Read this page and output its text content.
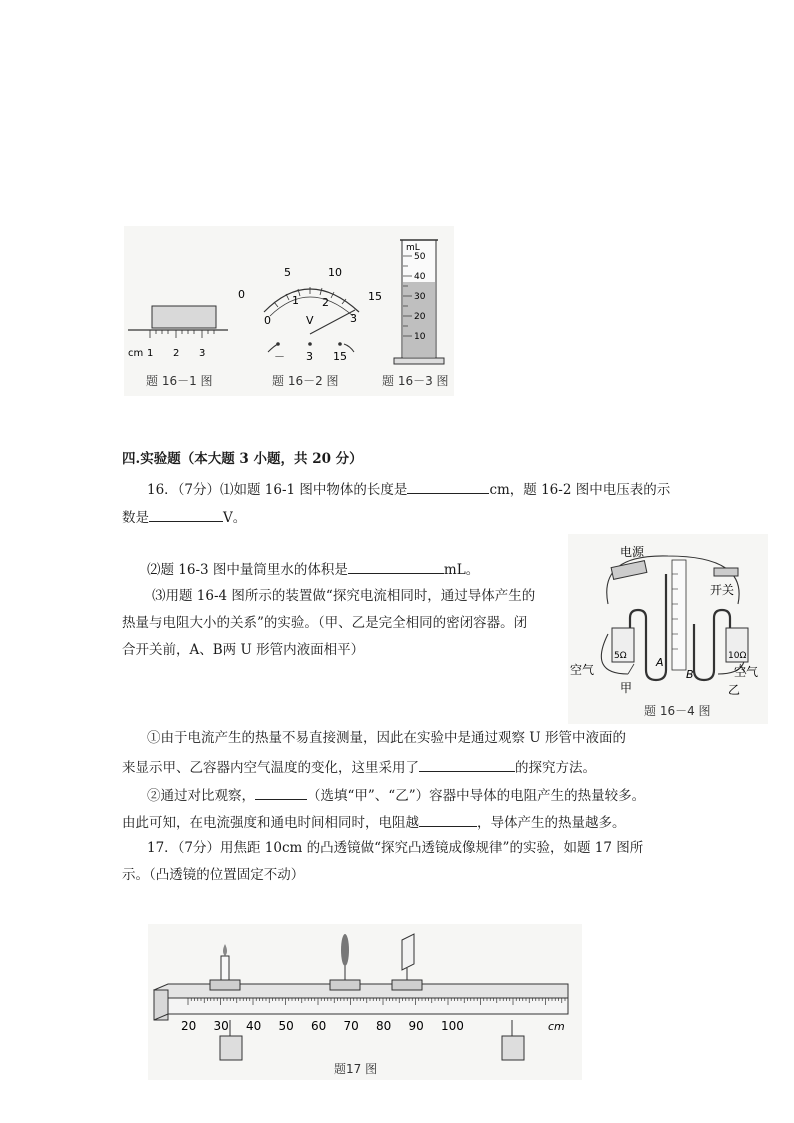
cm 1 2 3
题 16－1 图
0
5	10
15
0
1 2
3
V
－ 3 15
题 16－2 图
mL
50
40
30
20
10
题 16－3 图
四.实验题（本大题 3 小题，共 20 分）
16．（7分）⑴如题 16-1 图中物体的长度是	cm，题 16-2 图中电压表的示
数是	V。
⑵题 16-3 图中量筒里水的体积是	mL。
⑶用题 16-4 图所示的装置做“探究电流相同时，通过导体产生的
热量与电阻大小的关系”的实验。（甲、乙是完全相同的密闭容器。闭
合开关前，A、B两 U 形管内液面相平）
电源
开关
5Ω	10Ω
空气	空气
A
B
甲	乙
题 16－4 图
①由于电流产生的热量不易直接测量，因此在实验中是通过观察 U 形管中液面的
来显示甲、乙容器内空气温度的变化，这里采用了	的探究方法。
②通过对比观察，	（选填“甲”、“乙”）容器中导体的电阻产生的热量较多。
由此可知，在电流强度和通电时间相同时，电阻越	，导体产生的热量越多。
17．（7分）用焦距 10cm 的凸透镜做“探究凸透镜成像规律”的实验，如题 17 图所
示。（凸透镜的位置固定不动）
20 30 40 50 60 70 80 90 100	cm
题17 图
